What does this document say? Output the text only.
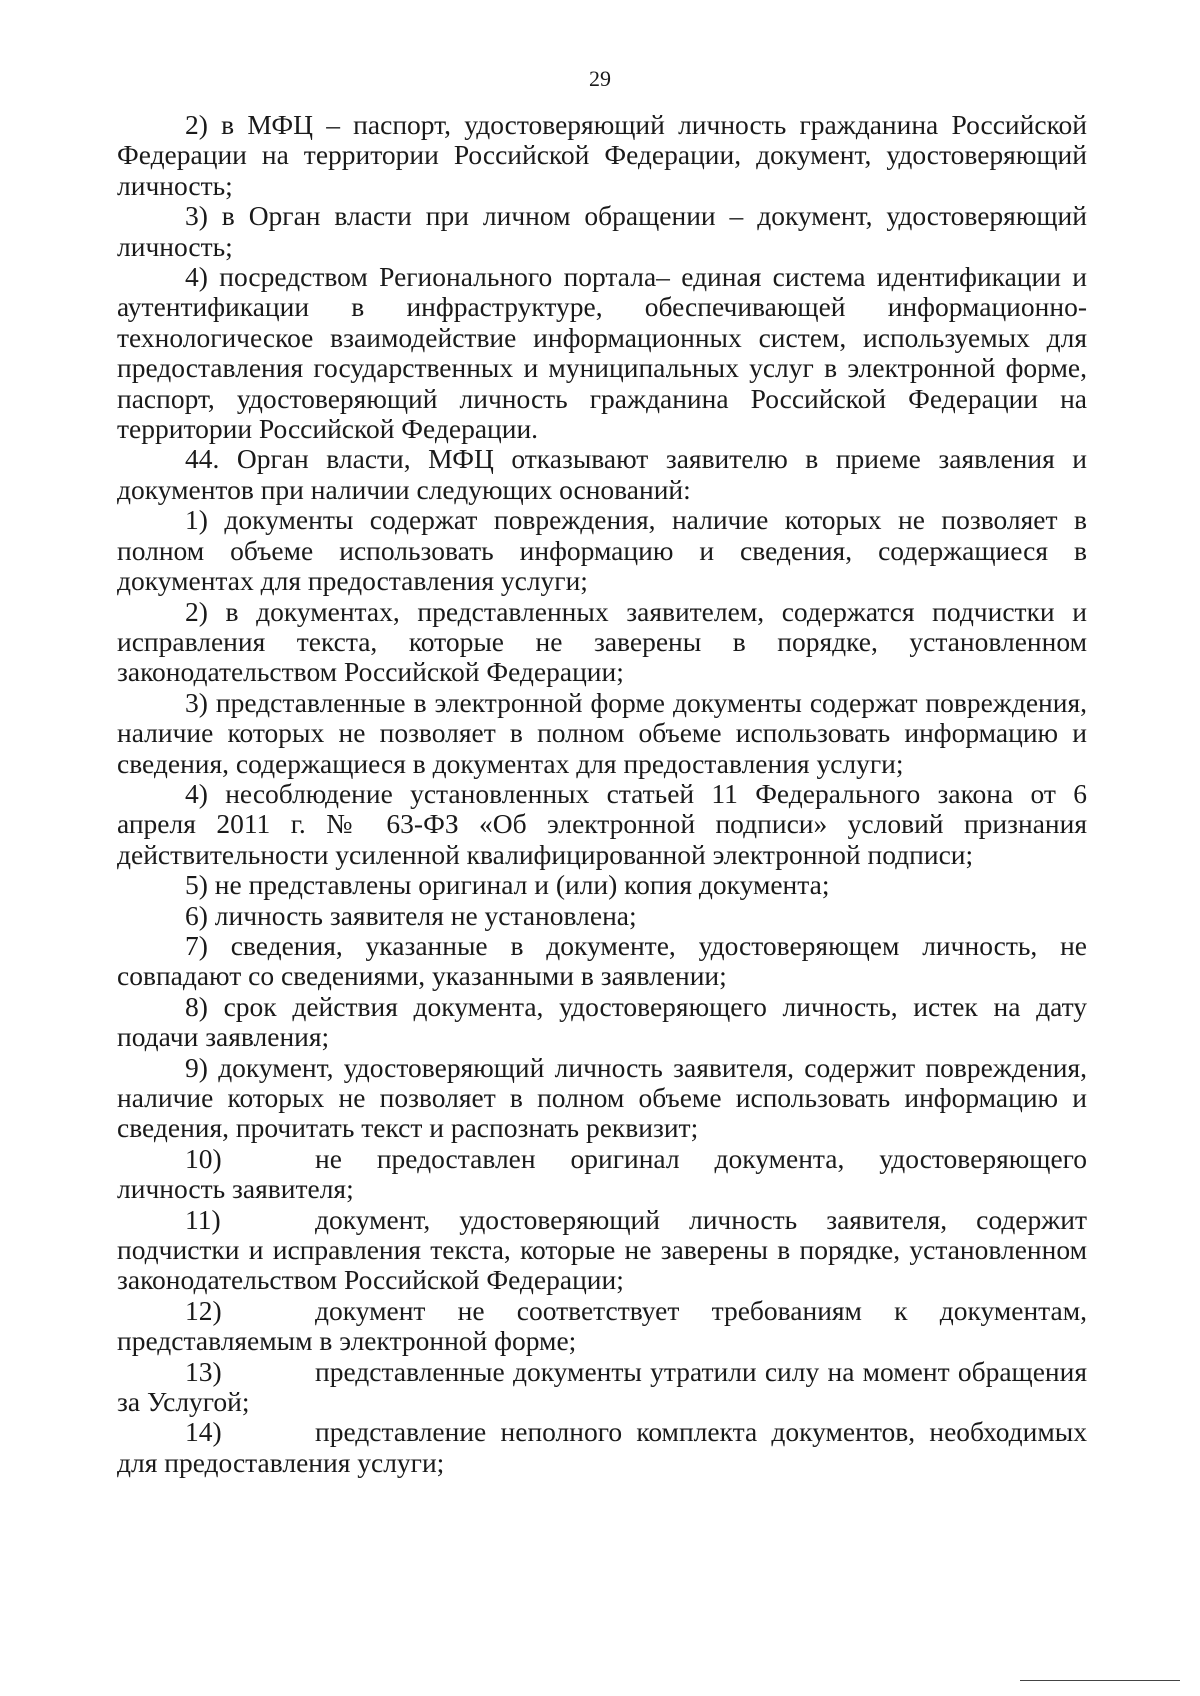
29

2) в МФЦ – паспорт, удостоверяющий личность гражданина Российской Федерации на территории Российской Федерации, документ, удостоверяющий личность;

3) в Орган власти при личном обращении – документ, удостоверяющий личность;

4) посредством Регионального портала– единая система идентификации и аутентификации в инфраструктуре, обеспечивающей информационно-технологическое взаимодействие информационных систем, используемых для предоставления государственных и муниципальных услуг в электронной форме, паспорт, удостоверяющий личность гражданина Российской Федерации на территории Российской Федерации.

44. Орган власти, МФЦ отказывают заявителю в приеме заявления и документов при наличии следующих оснований:

1) документы содержат повреждения, наличие которых не позволяет в полном объеме использовать информацию и сведения, содержащиеся в документах для предоставления услуги;

2) в документах, представленных заявителем, содержатся подчистки и исправления текста, которые не заверены в порядке, установленном законодательством Российской Федерации;

3) представленные в электронной форме документы содержат повреждения, наличие которых не позволяет в полном объеме использовать информацию и сведения, содержащиеся в документах для предоставления услуги;

4) несоблюдение установленных статьей 11 Федерального закона от 6 апреля 2011 г. № 63-ФЗ «Об электронной подписи» условий признания действительности усиленной квалифицированной электронной подписи;

5) не представлены оригинал и (или) копия документа;

6) личность заявителя не установлена;

7) сведения, указанные в документе, удостоверяющем личность, не совпадают со сведениями, указанными в заявлении;

8) срок действия документа, удостоверяющего личность, истек на дату подачи заявления;

9) документ, удостоверяющий личность заявителя, содержит повреждения, наличие которых не позволяет в полном объеме использовать информацию и сведения, прочитать текст и распознать реквизит;

10)	не предоставлен оригинал документа, удостоверяющего личность заявителя;

11)	документ, удостоверяющий личность заявителя, содержит подчистки и исправления текста, которые не заверены в порядке, установленном законодательством Российской Федерации;

12)	документ не соответствует требованиям к документам, представляемым в электронной форме;

13)	представленные документы утратили силу на момент обращения за Услугой;

14)	представление неполного комплекта документов, необходимых для предоставления услуги;
